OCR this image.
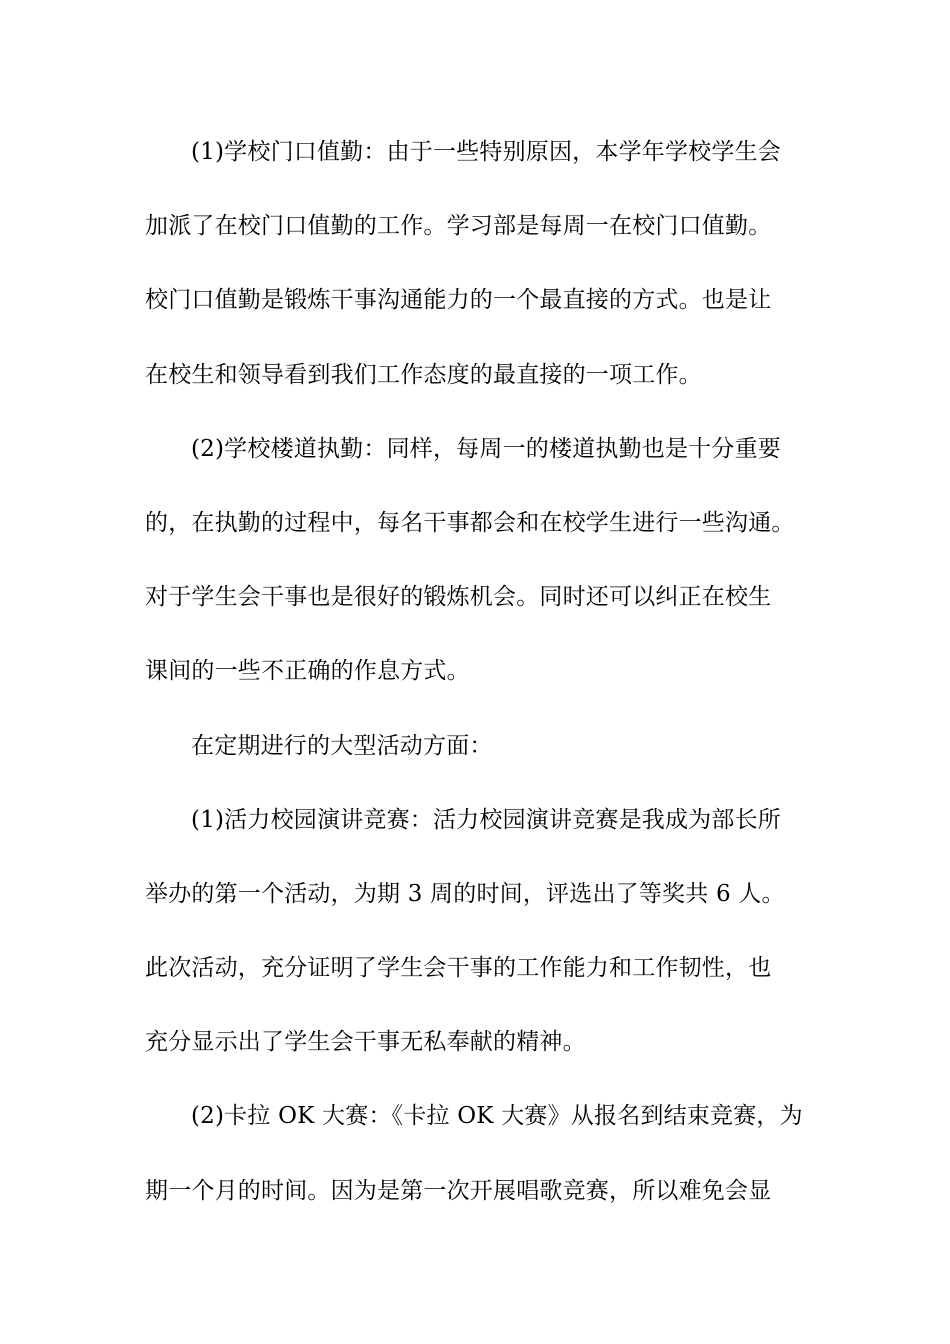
(1)学校门口值勤：由于一些特别原因，本学年学校学生会
加派了在校门口值勤的工作。学习部是每周一在校门口值勤。
校门口值勤是锻炼干事沟通能力的一个最直接的方式。也是让
在校生和领导看到我们工作态度的最直接的一项工作。
(2)学校楼道执勤：同样，每周一的楼道执勤也是十分重要
的，在执勤的过程中，每名干事都会和在校学生进行一些沟通。
对于学生会干事也是很好的锻炼机会。同时还可以纠正在校生
课间的一些不正确的作息方式。
在定期进行的大型活动方面：
(1)活力校园演讲竞赛：活力校园演讲竞赛是我成为部长所
举办的第一个活动，为期 3 周的时间，评选出了等奖共 6 人。
此次活动，充分证明了学生会干事的工作能力和工作韧性，也
充分显示出了学生会干事无私奉献的精神。
(2)卡拉 OK 大赛：《卡拉 OK 大赛》从报名到结束竞赛，为
期一个月的时间。因为是第一次开展唱歌竞赛，所以难免会显
